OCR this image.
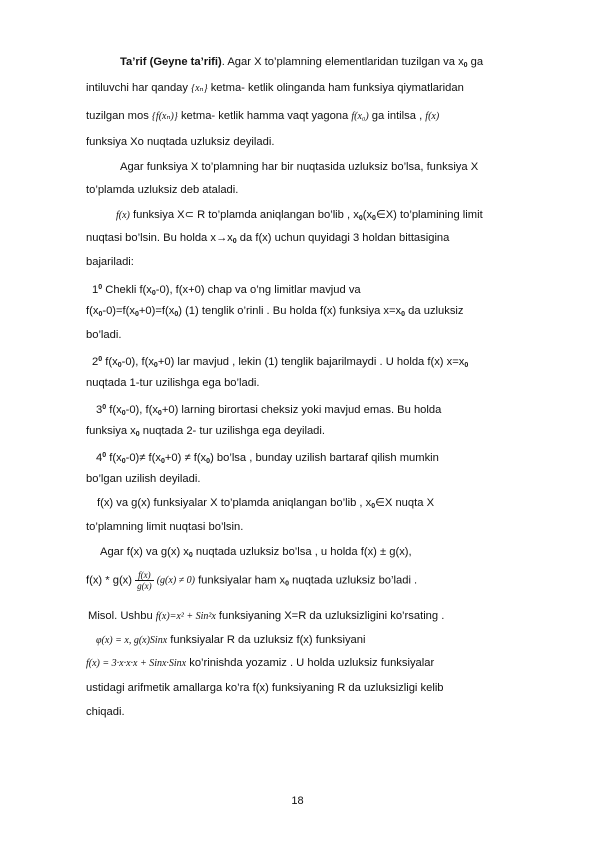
Ta’rif (Geyne ta’rifi). Agar X to’plamning elementlaridan tuzilgan va $x_0$ ga
intiluvchi har qanday {xₙ} ketma- ketlik olinganda ham funksiya qiymatlaridan
tuzilgan mos {f(xₙ)} ketma- ketlik hamma vaqt yagona f(x₀) ga intilsa , f(x)
funksiya Xo nuqtada uzluksiz deyiladi.
Agar funksiya X to’plamning har bir nuqtasida uzluksiz bo’lsa, funksiya X
to’plamda uzluksiz deb ataladi.
f(x) funksiya X⊂ R to’plamda aniqlangan bo’lib , $x_0(x_0\in X)$ to’plamining limit
nuqtasi bo’lsin. Bu holda $x\to x_0$ da f(x) uchun quyidagi 3 holdan bittasigina
bajariladi:
$1^0$ Chekli $f(x_0-0)$, f(x+0) chap va o’ng limitlar mavjud va
$f(x_0-0)=f(x_0+0)=f(x_0)$ (1) tenglik o’rinli . Bu holda f(x) funksiya $x=x_0$ da uzluksiz
bo’ladi.
$2^0$ $f(x_0-0)$, $f(x_0+0)$ lar mavjud , lekin (1) tenglik bajarilmaydi . U holda f(x) $x=x_0$
nuqtada 1-tur uzilishga ega bo’ladi.
$3^0$ $f(x_0-0)$, $f(x_0+0)$ larning birortasi cheksiz yoki mavjud emas. Bu holda
funksiya $x_0$ nuqtada 2- tur uzilishga ega deyiladi.
$4^0$ $f(x_0-0)\ne f(x_0+0) \ne f(x_0)$ bo’lsa , bunday uzilish bartaraf qilish mumkin
bo’lgan uzilish deyiladi.
f(x) va g(x) funksiyalar X to’plamda aniqlangan bo’lib , $x_0\in X$ nuqta X
to’plamning limit nuqtasi bo’lsin.
Agar f(x) va g(x) $x_0$ nuqtada uzluksiz bo’lsa , u holda f(x) ± g(x),
$f(x) * g(x) \frac{f(x)}{g(x)} (g(x) \ne 0)$ funksiyalar ham $x_0$ nuqtada uzluksiz bo’ladi .
Misol. Ushbu f(x)=x² + Sin²x funksiyaning X=R da uzluksizligini ko’rsating .
φ(x) = x, g(x)Sinx funksiyalar R da uzluksiz f(x) funksiyani
f(x) = 3·x·x·x + Sinx·Sinx ko’rinishda yozamiz . U holda uzluksiz funksiyalar
ustidagi arifmetik amallarga ko’ra f(x) funksiyaning R da uzluksizligi kelib
chiqadi.
18
